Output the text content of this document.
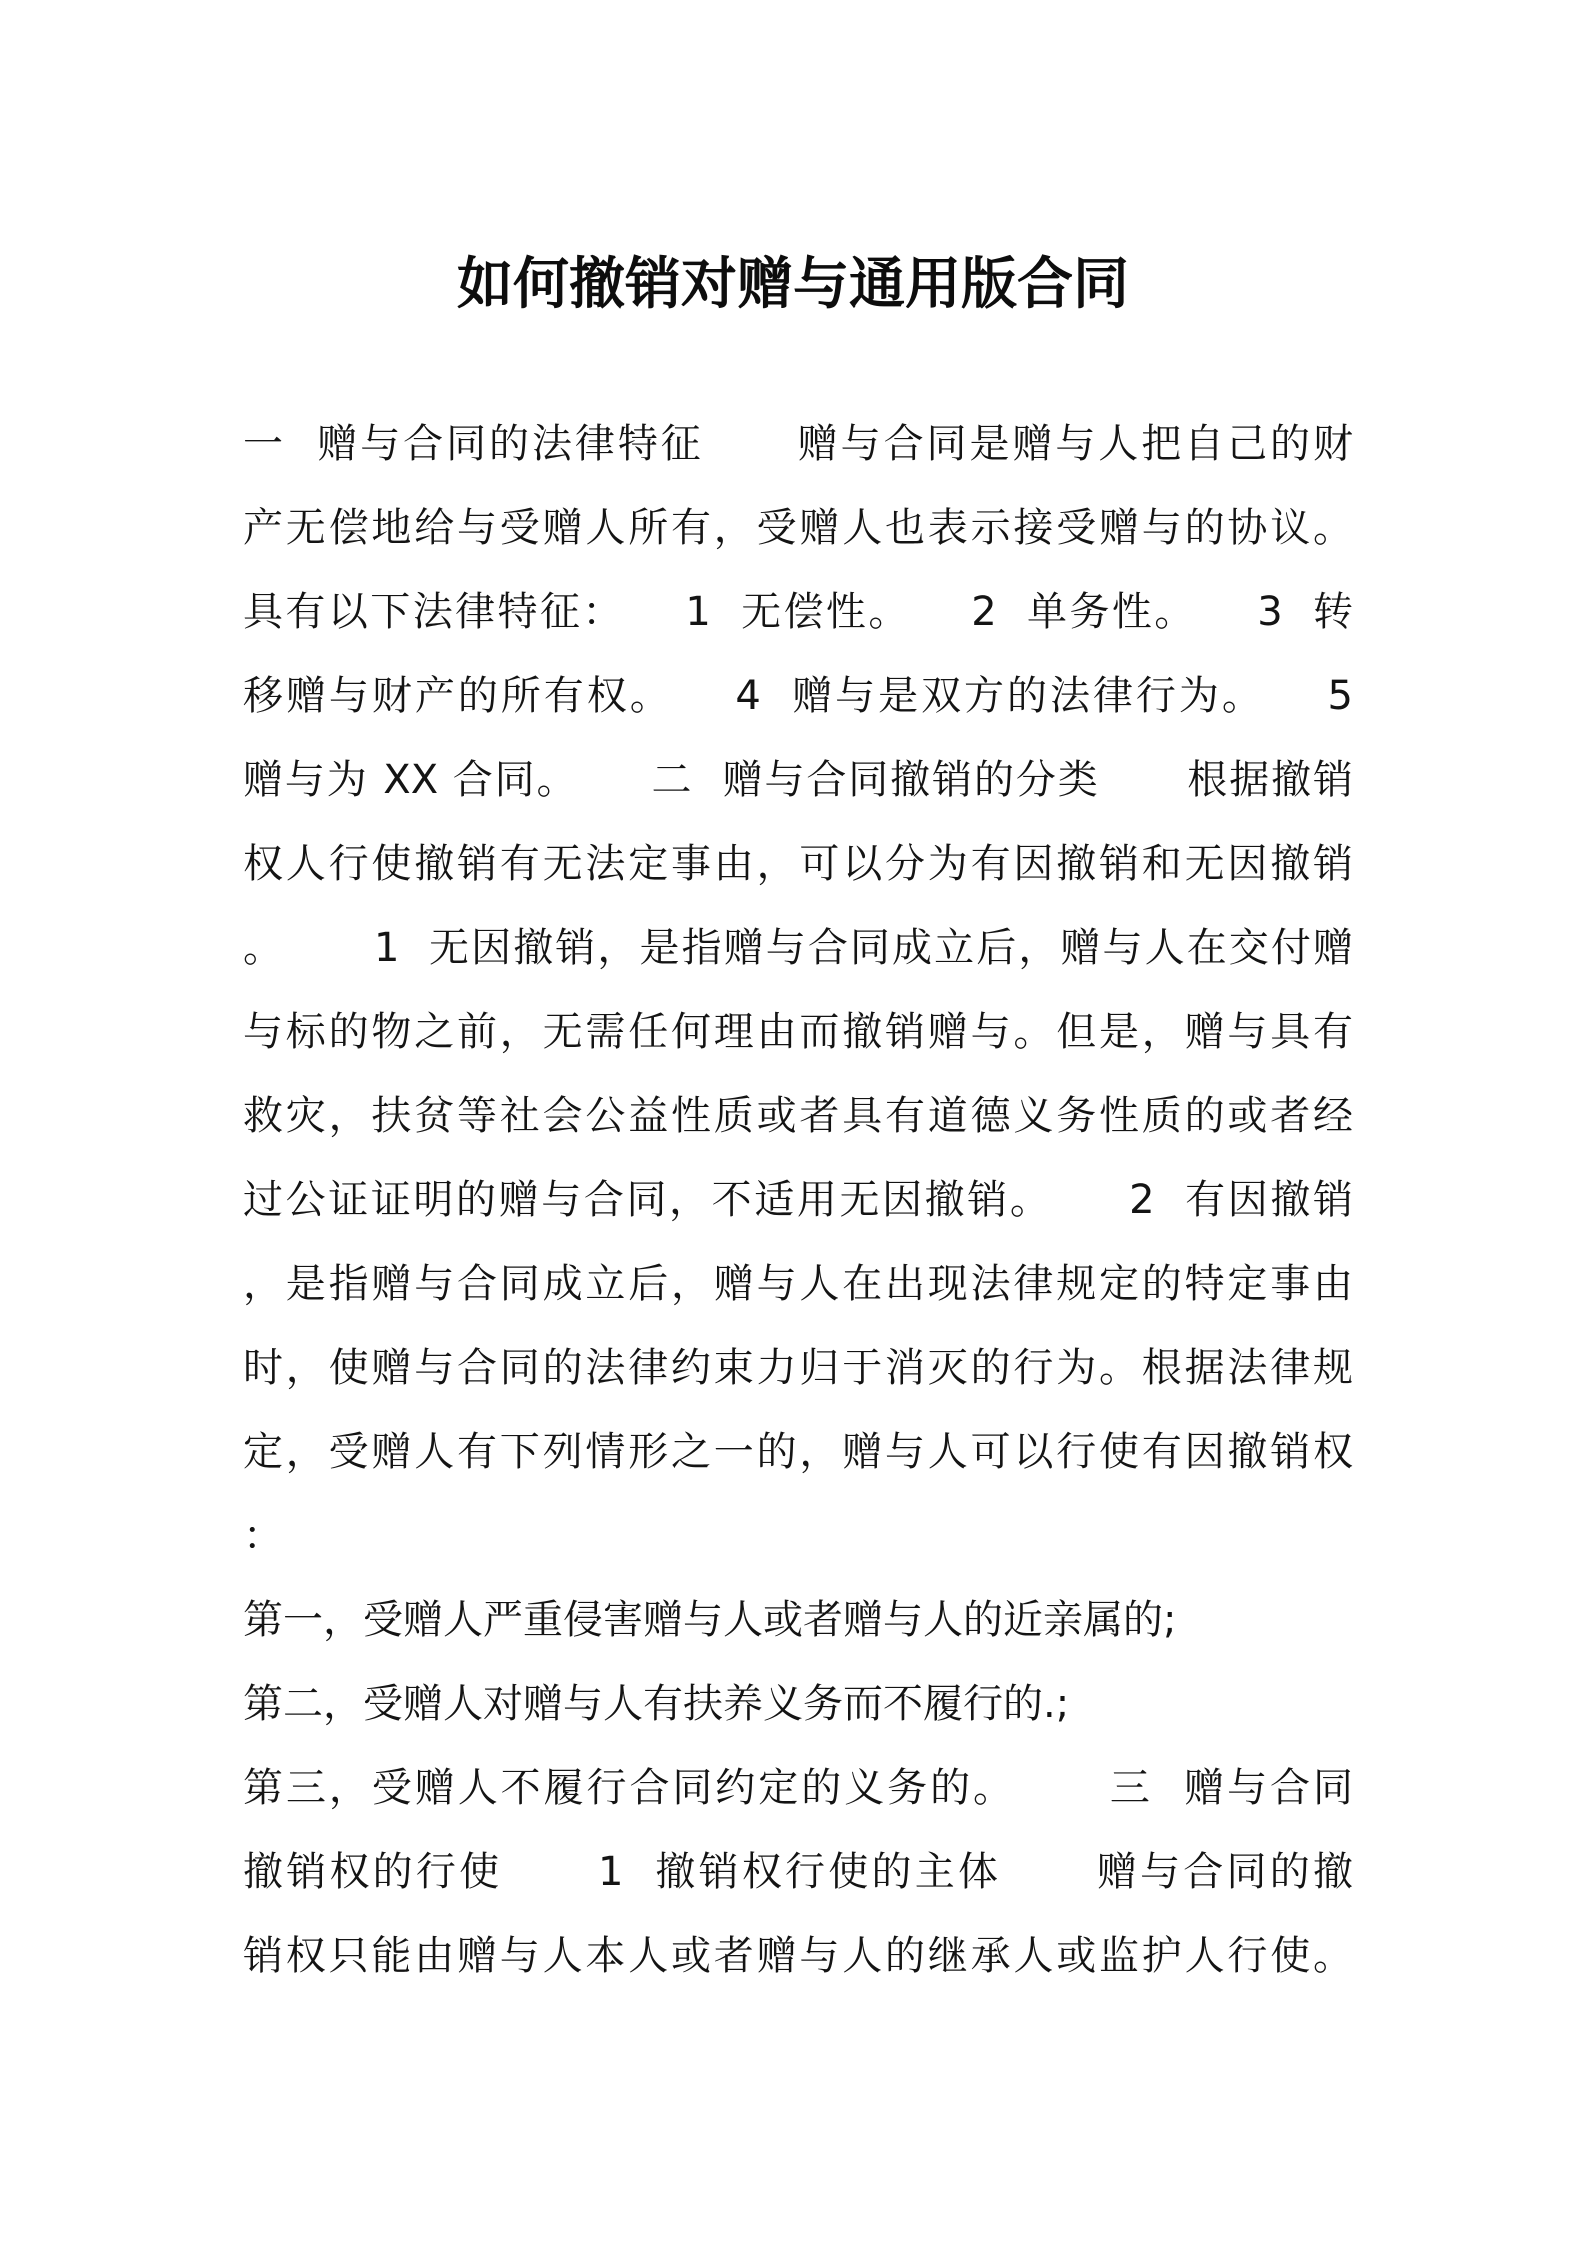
如何撤销对赠与通用版合同
一  赠与合同的法律特征      赠与合同是赠与人把自己的财
产无偿地给与受赠人所有，受赠人也表示接受赠与的协议。
具有以下法律特征：    1  无偿性。    2  单务性。    3  转
移赠与财产的所有权。    4  赠与是双方的法律行为。    5
赠与为 XX 合同。     二  赠与合同撤销的分类      根据撤销
权人行使撤销有无法定事由，可以分为有因撤销和无因撤销
。      1  无因撤销，是指赠与合同成立后，赠与人在交付赠
与标的物之前，无需任何理由而撤销赠与。但是，赠与具有
救灾，扶贫等社会公益性质或者具有道德义务性质的或者经
过公证证明的赠与合同，不适用无因撤销。     2  有因撤销
，是指赠与合同成立后，赠与人在出现法律规定的特定事由
时，使赠与合同的法律约束力归于消灭的行为。根据法律规
定，受赠人有下列情形之一的，赠与人可以行使有因撤销权
：
第一，受赠人严重侵害赠与人或者赠与人的近亲属的;
第二，受赠人对赠与人有扶养义务而不履行的.;
第三，受赠人不履行合同约定的义务的。      三  赠与合同
撤销权的行使      1  撤销权行使的主体      赠与合同的撤
销权只能由赠与人本人或者赠与人的继承人或监护人行使。
